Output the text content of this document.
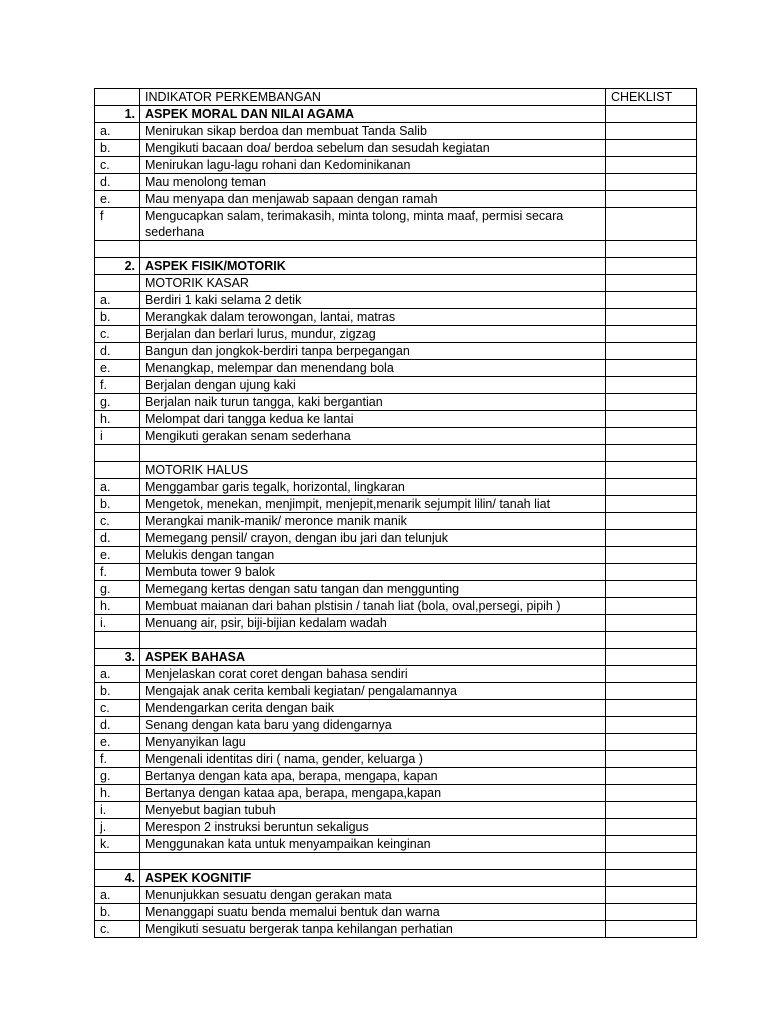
	INDIKATOR PERKEMBANGAN	CHEKLIST
1.	ASPEK MORAL DAN NILAI AGAMA	
a.	Menirukan sikap berdoa dan membuat Tanda Salib	
b.	Mengikuti bacaan doa/ berdoa sebelum dan sesudah kegiatan	
c.	Menirukan lagu-lagu rohani dan Kedominikanan	
d.	Mau menolong teman	
e.	Mau menyapa dan menjawab sapaan dengan ramah	
f	Mengucapkan salam, terimakasih, minta tolong, minta maaf, permisi secara sederhana	

2.	ASPEK FISIK/MOTORIK	
	MOTORIK KASAR	
a.	Berdiri 1 kaki selama 2 detik	
b.	Merangkak dalam terowongan, lantai, matras	
c.	Berjalan dan berlari lurus, mundur, zigzag	
d.	Bangun dan jongkok-berdiri tanpa berpegangan	
e.	Menangkap, melempar dan menendang bola	
f.	Berjalan dengan ujung kaki	
g.	Berjalan naik turun tangga, kaki bergantian	
h.	Melompat dari tangga kedua ke lantai	
i	Mengikuti gerakan senam sederhana	

	MOTORIK HALUS	
a.	Menggambar garis tegalk, horizontal, lingkaran	
b.	Mengetok, menekan, menjimpit, menjepit,menarik sejumpit lilin/ tanah liat	
c.	Merangkai manik-manik/ meronce manik manik	
d.	Memegang pensil/ crayon, dengan ibu jari dan telunjuk	
e.	Melukis dengan tangan	
f.	Membuta tower 9 balok	
g.	Memegang kertas dengan satu tangan dan menggunting	
h.	Membuat maianan dari bahan plstisin / tanah liat (bola, oval,persegi, pipih )	
i.	Menuang air, psir, biji-bijian kedalam wadah	

3.	ASPEK BAHASA	
a.	Menjelaskan corat coret dengan bahasa sendiri	
b.	Mengajak anak cerita kembali kegiatan/ pengalamannya	
c.	Mendengarkan cerita dengan baik	
d.	Senang dengan kata baru yang didengarnya	
e.	Menyanyikan lagu	
f.	Mengenali identitas diri ( nama, gender, keluarga )	
g.	Bertanya dengan kata apa, berapa, mengapa, kapan	
h.	Bertanya dengan kataa apa, berapa, mengapa,kapan	
i.	Menyebut bagian tubuh	
j.	Merespon 2 instruksi beruntun sekaligus	
k.	Menggunakan kata untuk menyampaikan keinginan	

4.	ASPEK KOGNITIF	
a.	Menunjukkan sesuatu dengan gerakan mata	
b.	Menanggapi suatu benda memalui bentuk dan warna	
c.	Mengikuti sesuatu bergerak tanpa kehilangan perhatian	
